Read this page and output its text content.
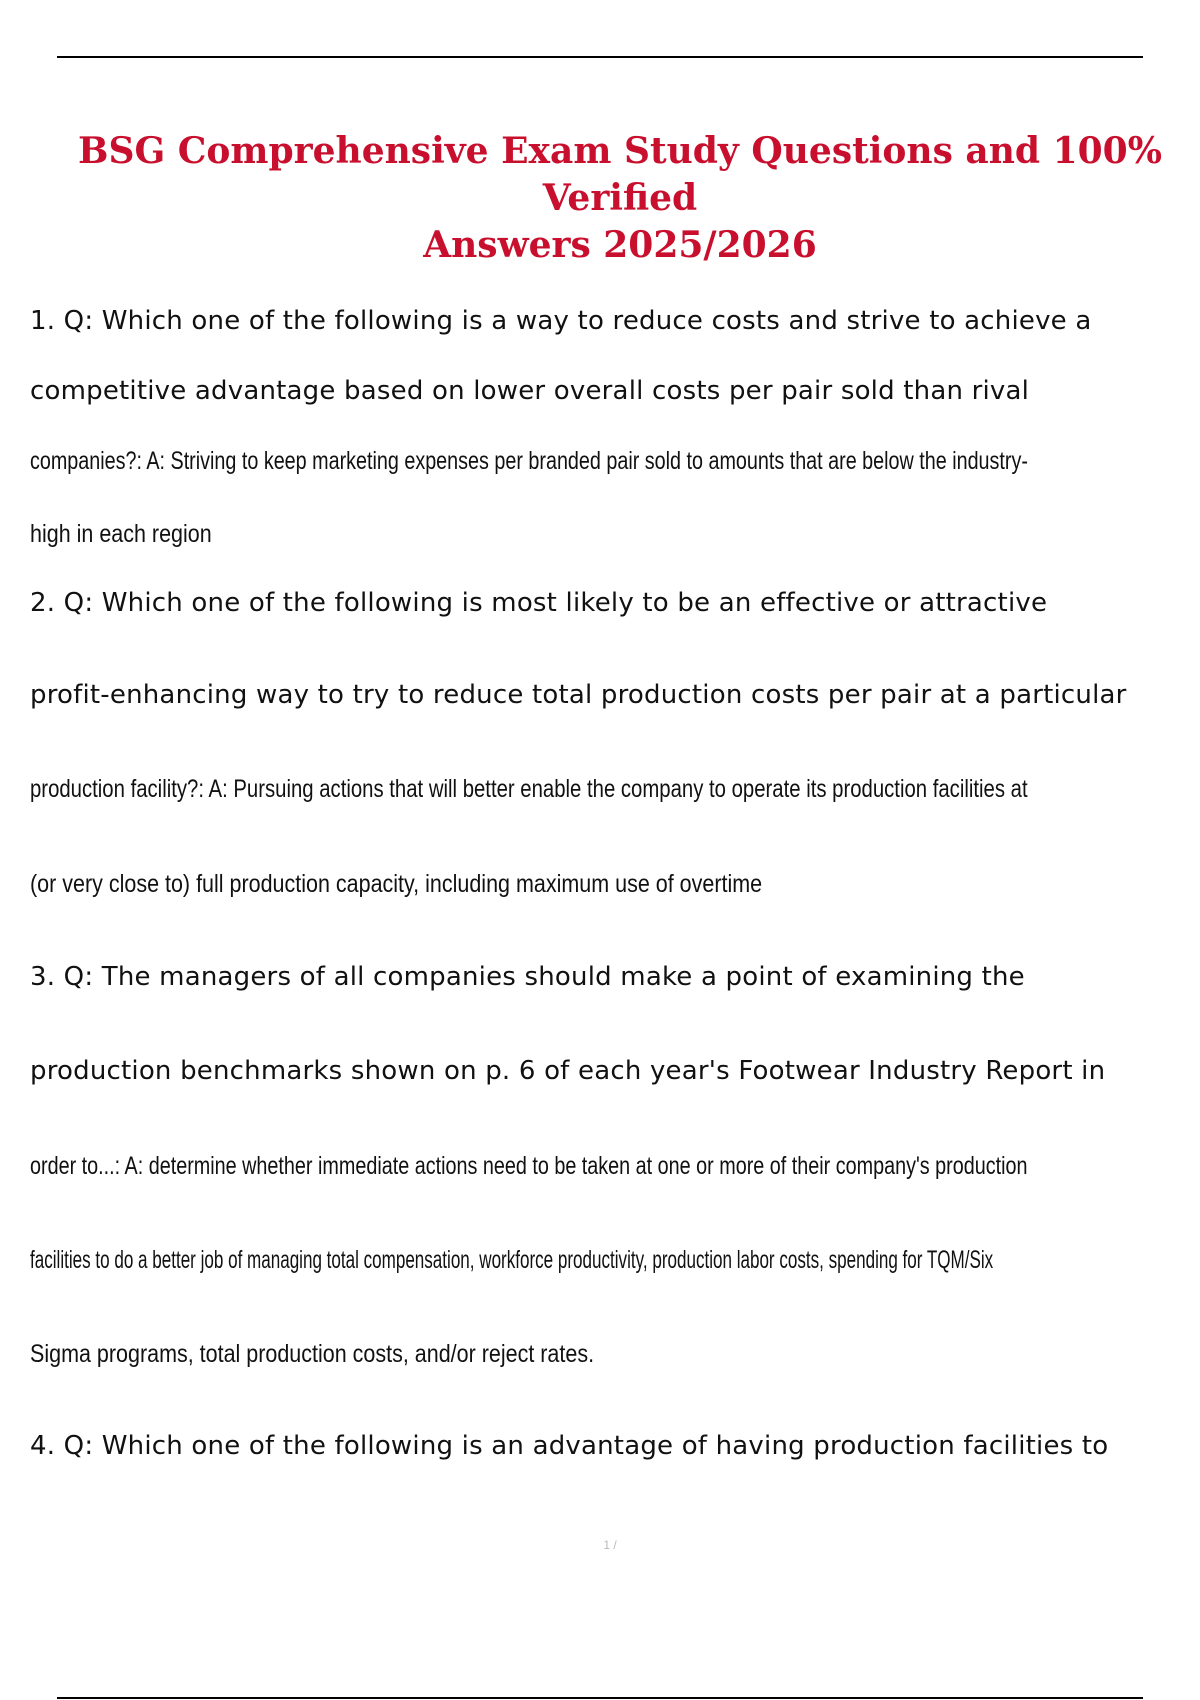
BSG Comprehensive Exam Study Questions and 100% Verified
Answers 2025/2026

1. Q: Which one of the following is a way to reduce costs and strive to achieve a

competitive advantage based on lower overall costs per pair sold than rival

companies?: A: Striving to keep marketing expenses per branded pair sold to amounts that are below the industry-

high in each region

2. Q: Which one of the following is most likely to be an effective or attractive

profit-enhancing way to try to reduce total production costs per pair at a particular

production facility?: A: Pursuing actions that will better enable the company to operate its production facilities at

(or very close to) full production capacity, including maximum use of overtime

3. Q: The managers of all companies should make a point of examining the

production benchmarks shown on p. 6 of each year's Footwear Industry Report in

order to...: A: determine whether immediate actions need to be taken at one or more of their company's production

facilities to do a better job of managing total compensation, workforce productivity, production labor costs, spending for TQM/Six

Sigma programs, total production costs, and/or reject rates.

4. Q: Which one of the following is an advantage of having production facilities to

1 /
